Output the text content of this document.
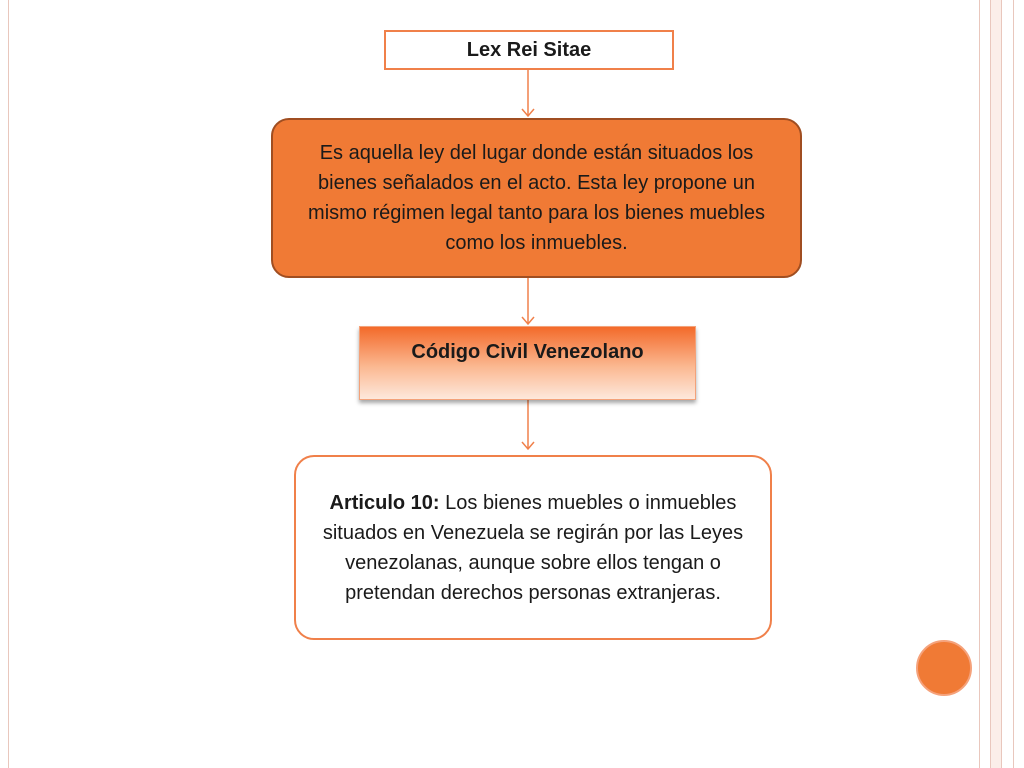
Lex Rei Sitae
Es aquella ley del lugar donde están situados los bienes señalados en el acto. Esta ley propone un mismo régimen legal tanto para los bienes muebles como los inmuebles.
Código Civil Venezolano
Articulo 10: Los bienes muebles o inmuebles situados en Venezuela se regirán por las Leyes venezolanas, aunque sobre ellos tengan o pretendan derechos personas extranjeras.
